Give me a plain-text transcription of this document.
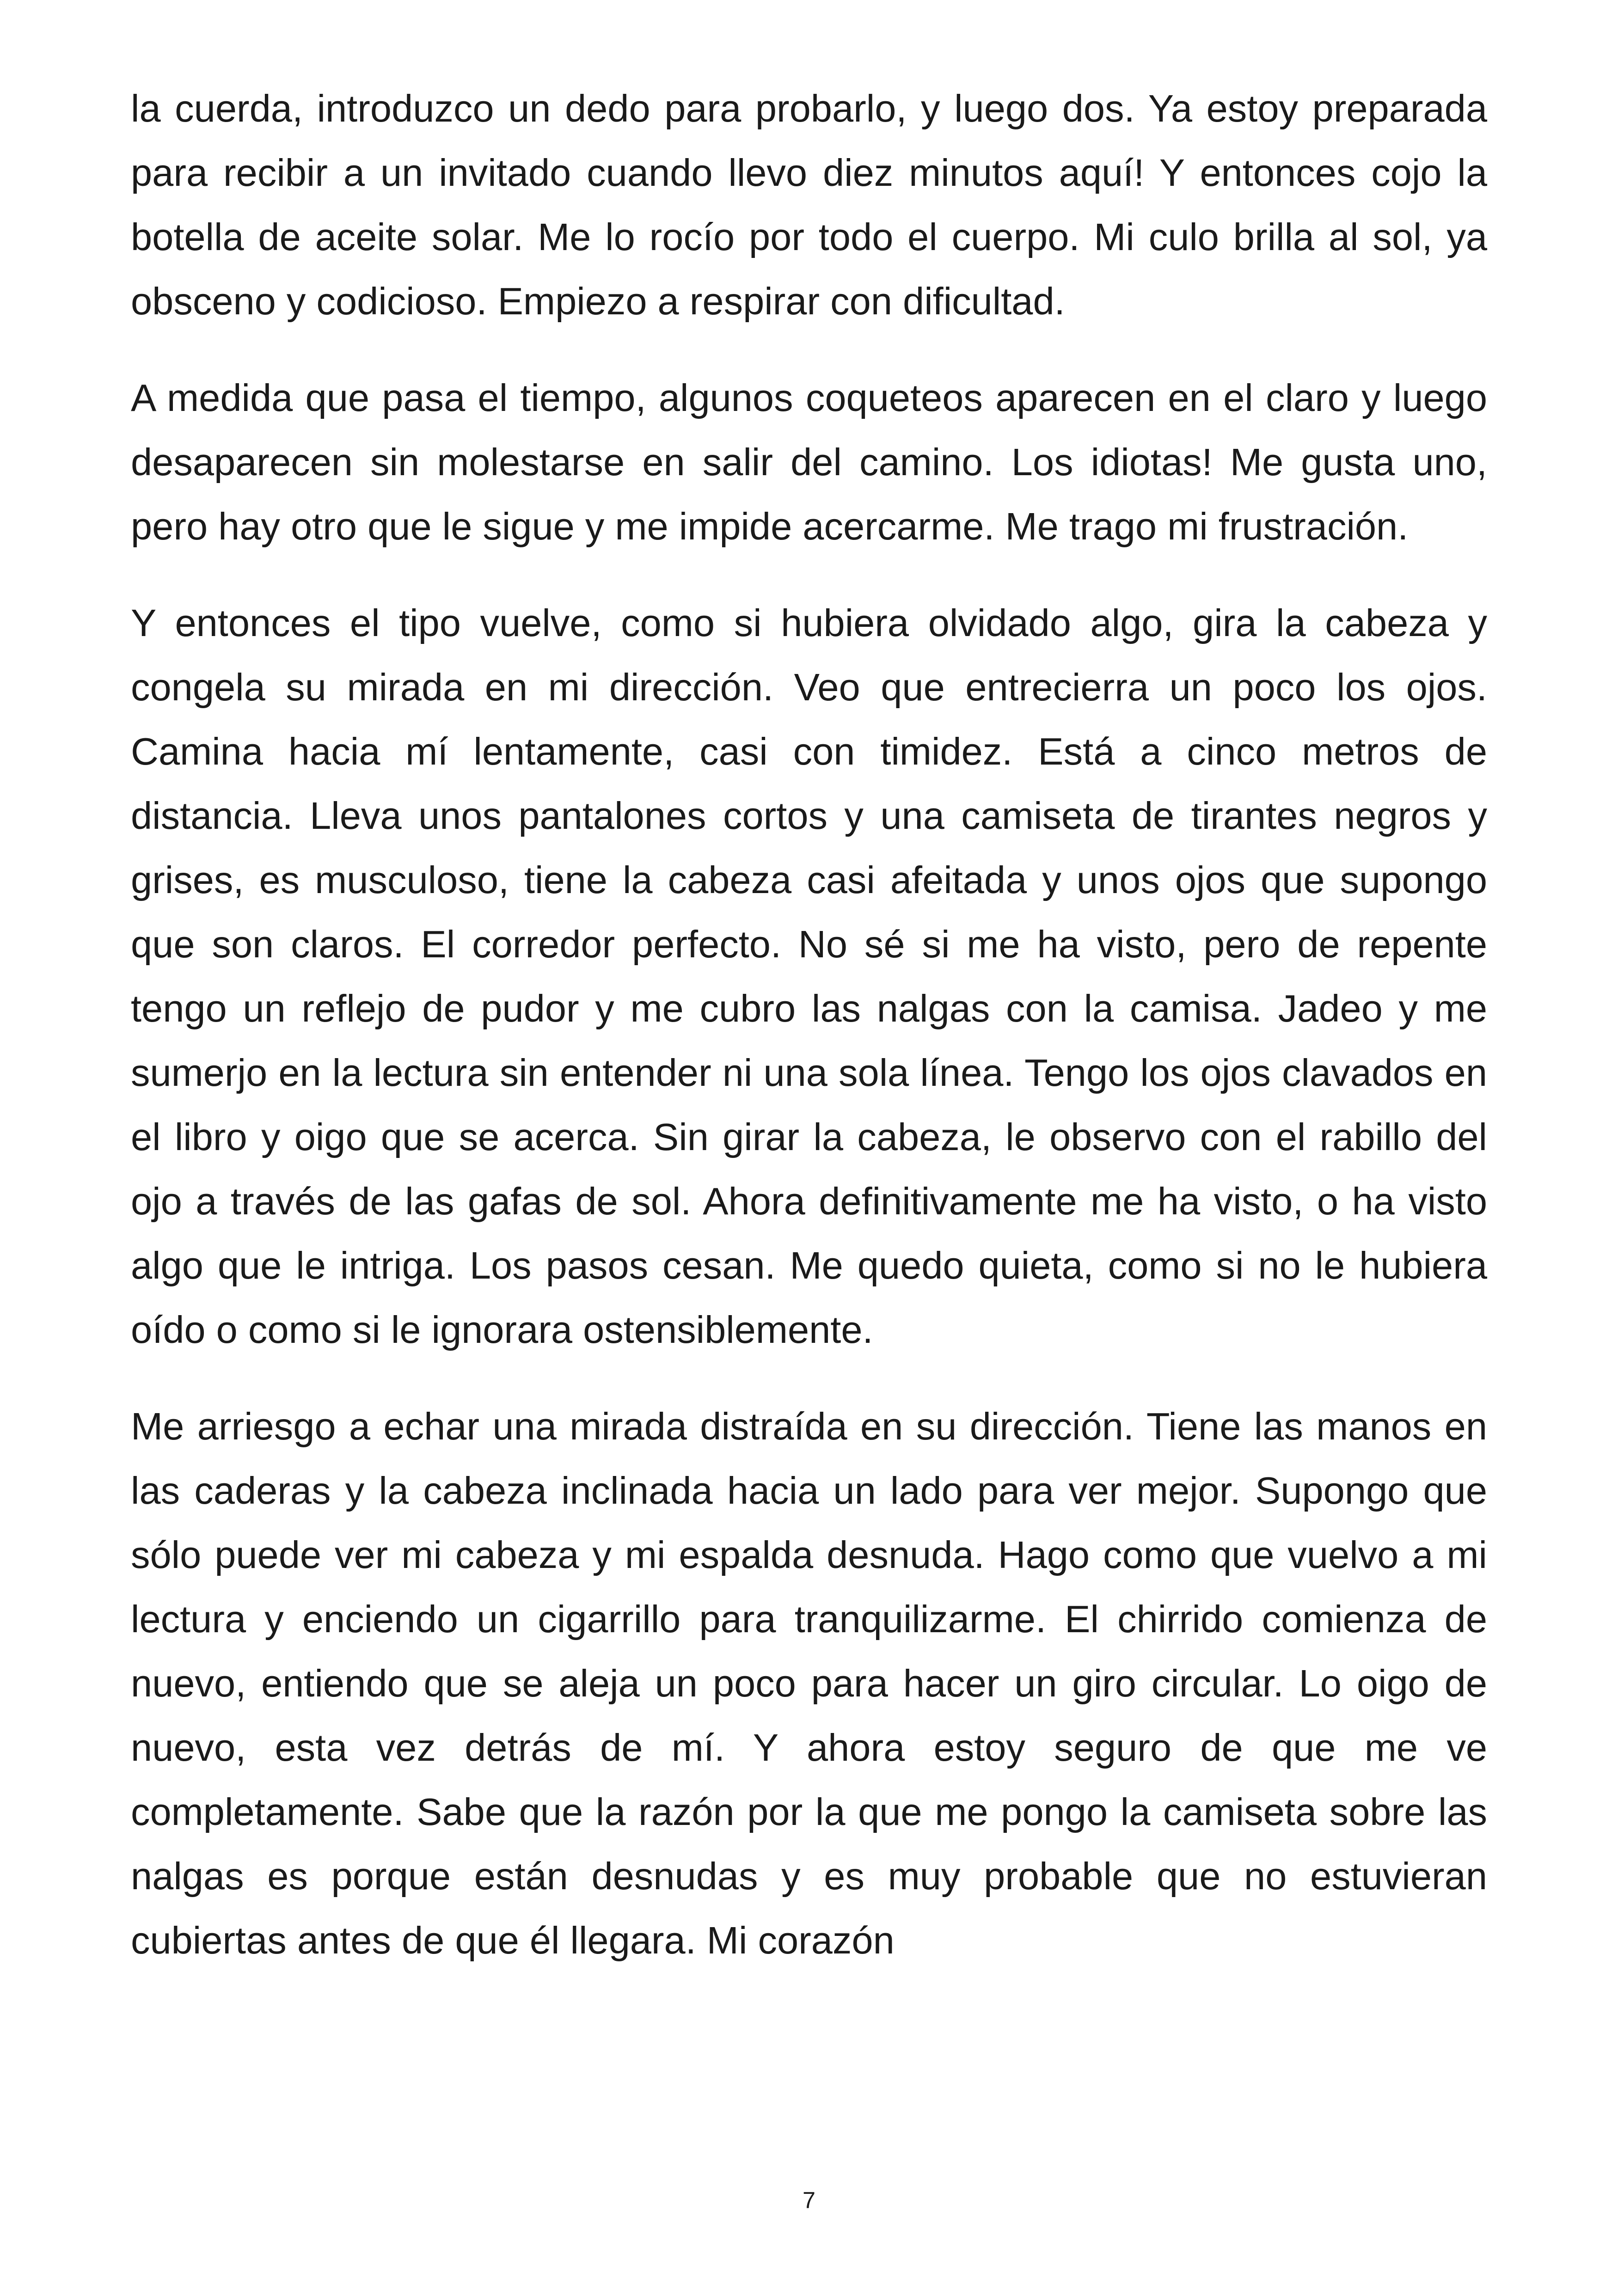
la cuerda, introduzco un dedo para probarlo, y luego dos. Ya estoy preparada para recibir a un invitado cuando llevo diez minutos aquí! Y entonces cojo la botella de aceite solar. Me lo rocío por todo el cuerpo. Mi culo brilla al sol, ya obsceno y codicioso. Empiezo a respirar con dificultad.

A medida que pasa el tiempo, algunos coqueteos aparecen en el claro y luego desaparecen sin molestarse en salir del camino. Los idiotas! Me gusta uno, pero hay otro que le sigue y me impide acercarme. Me trago mi frustración.

Y entonces el tipo vuelve, como si hubiera olvidado algo, gira la cabeza y congela su mirada en mi dirección. Veo que entrecierra un poco los ojos. Camina hacia mí lentamente, casi con timidez. Está a cinco metros de distancia. Lleva unos pantalones cortos y una camiseta de tirantes negros y grises, es musculoso, tiene la cabeza casi afeitada y unos ojos que supongo que son claros. El corredor perfecto. No sé si me ha visto, pero de repente tengo un reflejo de pudor y me cubro las nalgas con la camisa. Jadeo y me sumerjo en la lectura sin entender ni una sola línea. Tengo los ojos clavados en el libro y oigo que se acerca. Sin girar la cabeza, le observo con el rabillo del ojo a través de las gafas de sol. Ahora definitivamente me ha visto, o ha visto algo que le intriga. Los pasos cesan. Me quedo quieta, como si no le hubiera oído o como si le ignorara ostensiblemente.

Me arriesgo a echar una mirada distraída en su dirección. Tiene las manos en las caderas y la cabeza inclinada hacia un lado para ver mejor. Supongo que sólo puede ver mi cabeza y mi espalda desnuda. Hago como que vuelvo a mi lectura y enciendo un cigarrillo para tranquilizarme. El chirrido comienza de nuevo, entiendo que se aleja un poco para hacer un giro circular. Lo oigo de nuevo, esta vez detrás de mí. Y ahora estoy seguro de que me ve completamente. Sabe que la razón por la que me pongo la camiseta sobre las nalgas es porque están desnudas y es muy probable que no estuvieran cubiertas antes de que él llegara. Mi corazón

7
